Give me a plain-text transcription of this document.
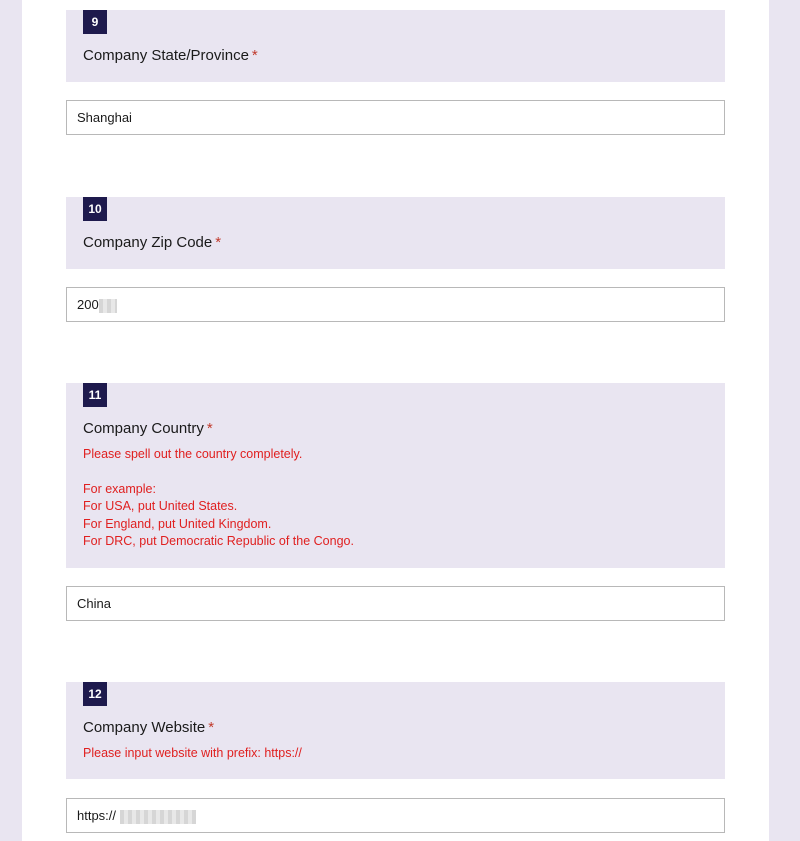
9
Company State/Province *
Shanghai
10
Company Zip Code *
200
11
Company Country *
Please spell out the country completely.
For example:
For USA, put United States.
For England, put United Kingdom.
For DRC, put Democratic Republic of the Congo.
China
12
Company Website *
Please input website with prefix: https://
https://
